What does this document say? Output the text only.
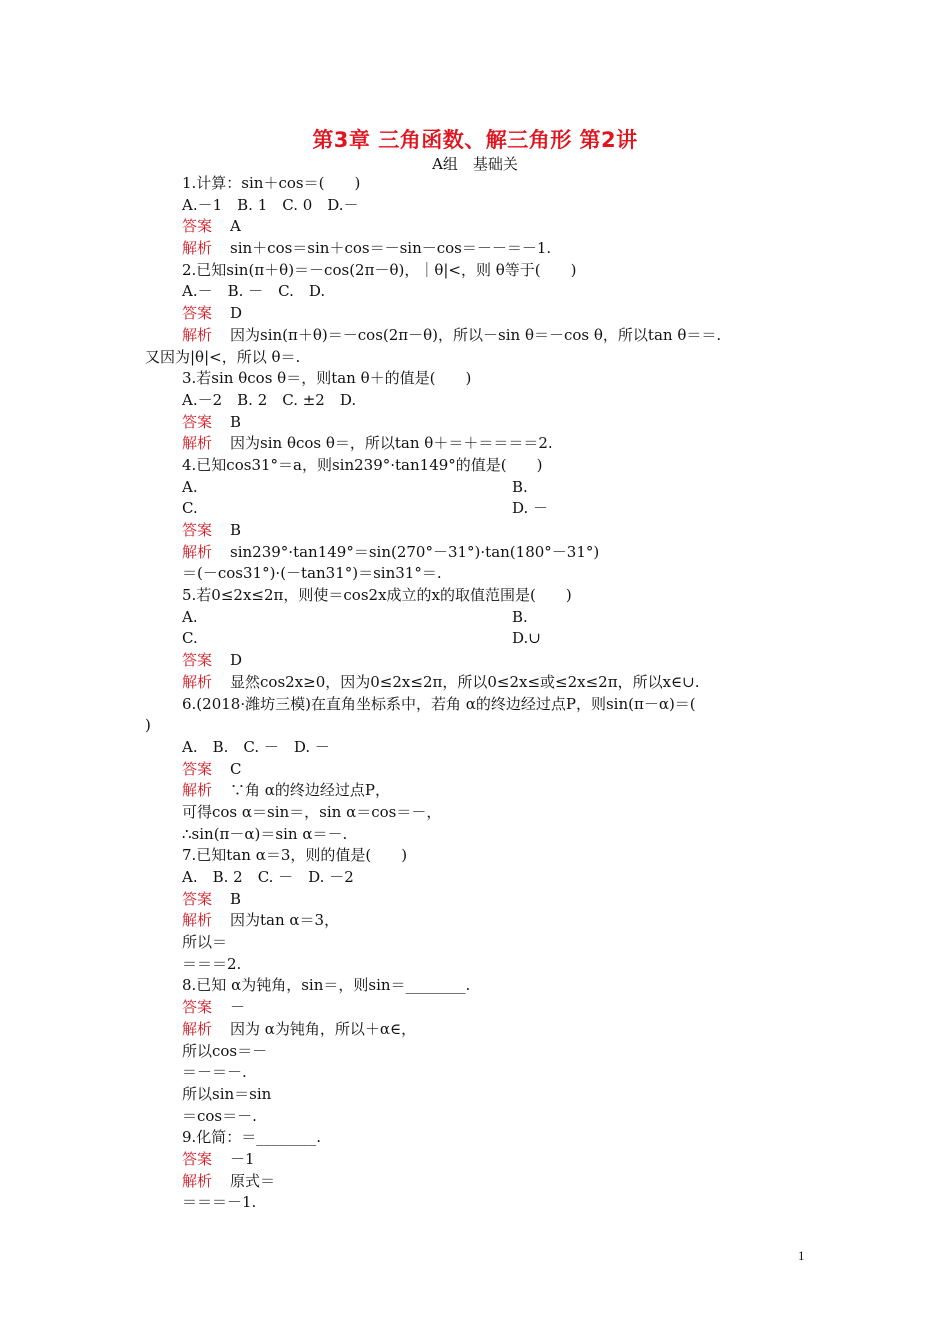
第3章 三角函数、解三角形 第2讲
A组　基础关
1.计算：sin＋cos＝(　　)
A.－1　B. 1　C. 0　D.－
答案 A
解析 sin＋cos＝sin＋cos＝－sin－cos＝－－＝－1.
2.已知sin(π＋θ)＝－cos(2π－θ)，｜θ|<，则 θ等于(　　)
A.－　B. －　C.　D.
答案 D
解析 因为sin(π＋θ)＝－cos(2π－θ)，所以－sin θ＝－cos θ，所以tan θ＝＝.
又因为|θ|<，所以 θ＝.
3.若sin θcos θ＝，则tan θ＋的值是(　　)
A.－2　B. 2　C. ±2　D.
答案 B
解析 因为sin θcos θ＝，所以tan θ＋＝＋＝＝＝＝2.
4.已知cos31°＝a，则sin239°·tan149°的值是(　　)
A.	B.
C.	D. －
答案 B
解析 sin239°·tan149°＝sin(270°－31°)·tan(180°－31°)
＝(－cos31°)·(－tan31°)＝sin31°＝.
5.若0≤2x≤2π，则使＝cos2x成立的x的取值范围是(　　)
A.	B.
C.	D.∪
答案 D
解析 显然cos2x≥0，因为0≤2x≤2π，所以0≤2x≤或≤2x≤2π，所以x∈∪.
6.(2018·潍坊三模)在直角坐标系中，若角 α的终边经过点P，则sin(π－α)＝(
)
A.　B.　C. －　D. －
答案 C
解析 ∵角 α的终边经过点P，
可得cos α＝sin＝，sin α＝cos＝－，
∴sin(π－α)＝sin α＝－.
7.已知tan α＝3，则的值是(　　)
A.　B. 2　C. －　D. －2
答案 B
解析 因为tan α＝3，
所以＝
＝＝＝2.
8.已知 α为钝角，sin＝，则sin＝________.
答案 －
解析 因为 α为钝角，所以＋α∈，
所以cos＝－
＝－＝－.
所以sin＝sin
＝cos＝－.
9.化简：＝________.
答案 －1
解析 原式＝
＝＝＝－1.
1
